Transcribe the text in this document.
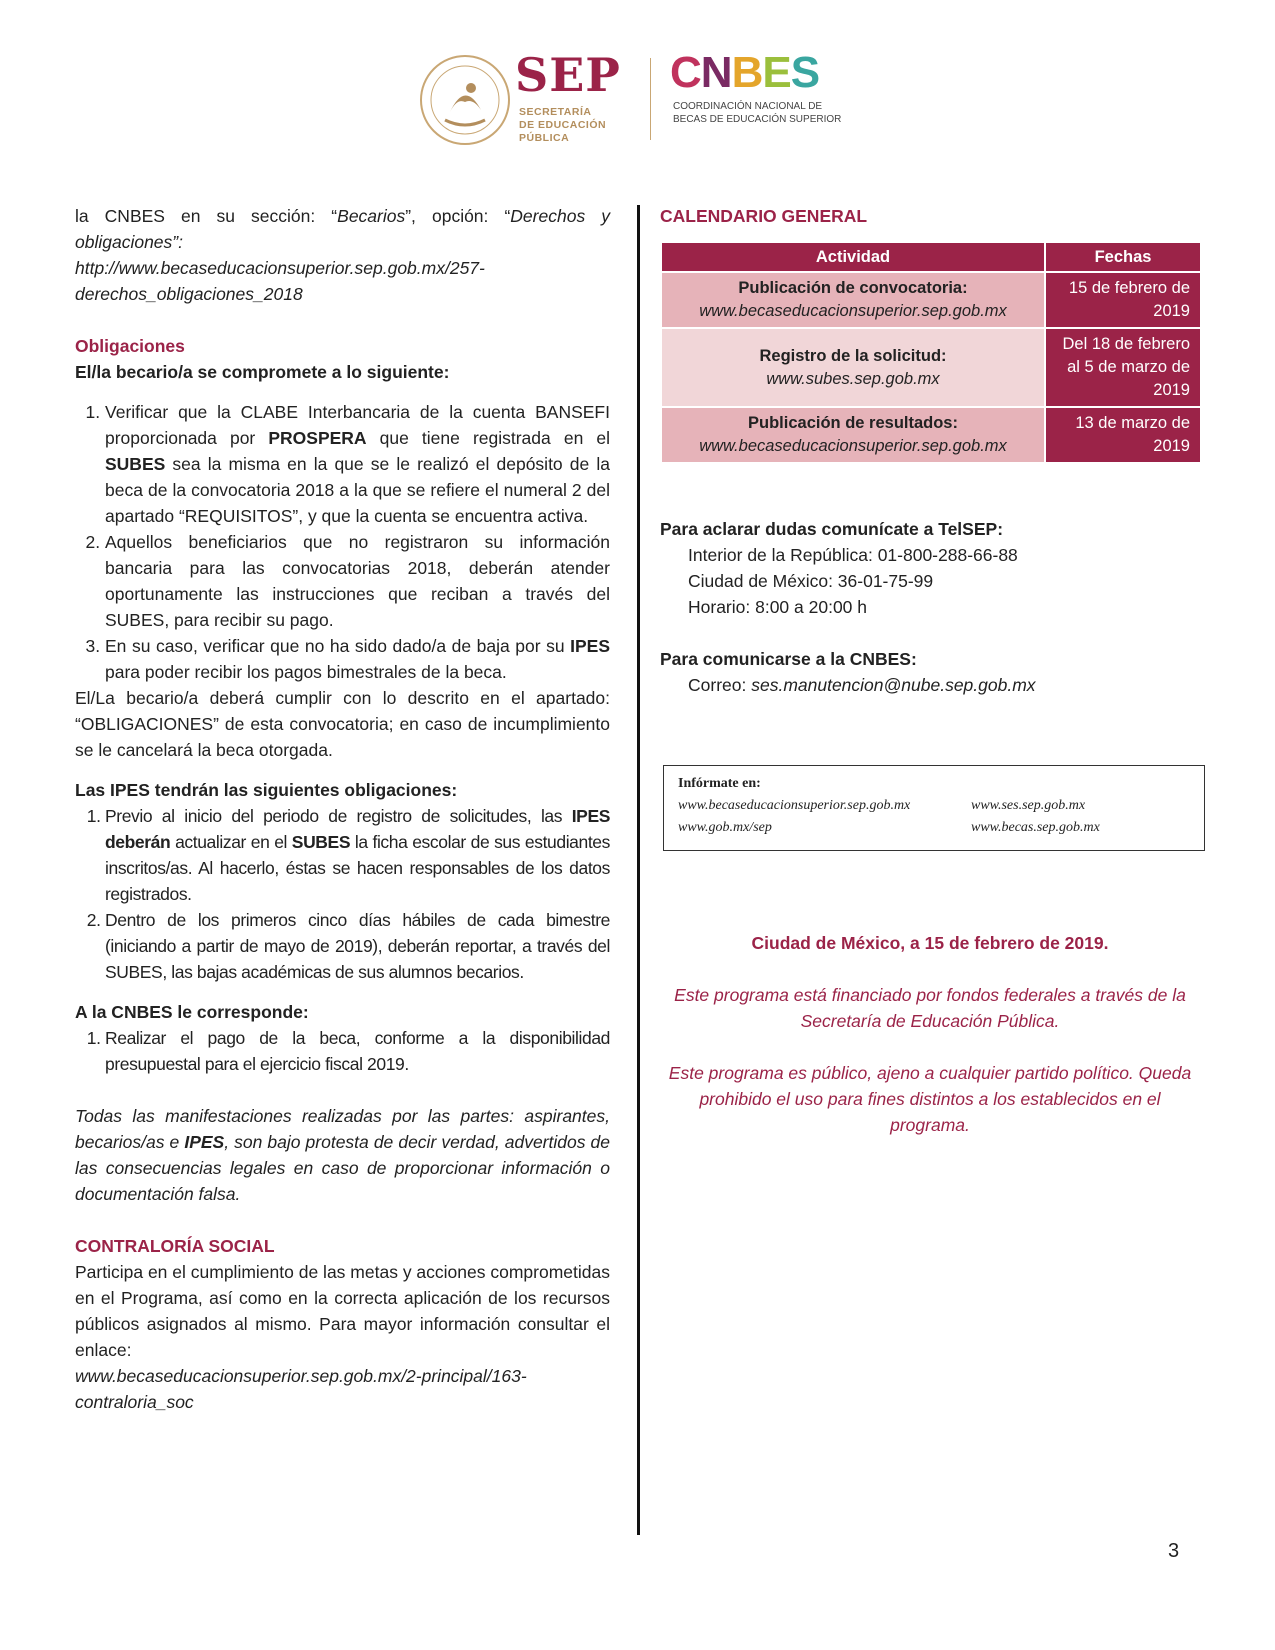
SEP
SECRETARÍA
DE EDUCACIÓN
PÚBLICA
CNBES
COORDINACIÓN NACIONAL DE
BECAS DE EDUCACIÓN SUPERIOR
la CNBES en su sección: “Becarios”, opción: “Derechos y obligaciones”:
http://www.becaseducacionsuperior.sep.gob.mx/257-derechos_obligaciones_2018
Obligaciones
El/la becario/a se compromete a lo siguiente:
1. Verificar que la CLABE Interbancaria de la cuenta BANSEFI proporcionada por PROSPERA que tiene registrada en el SUBES sea la misma en la que se le realizó el depósito de la beca de la convocatoria 2018 a la que se refiere el numeral 2 del apartado “REQUISITOS”, y que la cuenta se encuentra activa.
2. Aquellos beneficiarios que no registraron su información bancaria para las convocatorias 2018, deberán atender oportunamente las instrucciones que reciban a través del SUBES, para recibir su pago.
3. En su caso, verificar que no ha sido dado/a de baja por su IPES para poder recibir los pagos bimestrales de la beca.
El/La becario/a deberá cumplir con lo descrito en el apartado: “OBLIGACIONES” de esta convocatoria; en caso de incumplimiento se le cancelará la beca otorgada.
Las IPES tendrán las siguientes obligaciones:
1. Previo al inicio del periodo de registro de solicitudes, las IPES deberán actualizar en el SUBES la ficha escolar de sus estudiantes inscritos/as. Al hacerlo, éstas se hacen responsables de los datos registrados.
2. Dentro de los primeros cinco días hábiles de cada bimestre (iniciando a partir de mayo de 2019), deberán reportar, a través del SUBES, las bajas académicas de sus alumnos becarios.
A la CNBES le corresponde:
1. Realizar el pago de la beca, conforme a la disponibilidad presupuestal para el ejercicio fiscal 2019.
Todas las manifestaciones realizadas por las partes: aspirantes, becarios/as e IPES, son bajo protesta de decir verdad, advertidos de las consecuencias legales en caso de proporcionar información o documentación falsa.
CONTRALORÍA SOCIAL
Participa en el cumplimiento de las metas y acciones comprometidas en el Programa, así como en la correcta aplicación de los recursos públicos asignados al mismo. Para mayor información consultar el enlace:
www.becaseducacionsuperior.sep.gob.mx/2-principal/163-contraloria_soc
CALENDARIO GENERAL
Actividad	Fechas

Publicación de convocatoria:
www.becaseducacionsuperior.sep.gob.mx	15 de febrero de 2019

Registro de la solicitud:
www.subes.sep.gob.mx	Del 18 de febrero al 5 de marzo de 2019

Publicación de resultados:
www.becaseducacionsuperior.sep.gob.mx	13 de marzo de 2019
Para aclarar dudas comunícate a TelSEP:
Interior de la República: 01-800-288-66-88
Ciudad de México: 36-01-75-99
Horario: 8:00 a 20:00 h
Para comunicarse a la CNBES:
Correo: ses.manutencion@nube.sep.gob.mx
Infórmate en:
www.becaseducacionsuperior.sep.gob.mx
www.gob.mx/sep
www.ses.sep.gob.mx
www.becas.sep.gob.mx
Ciudad de México, a 15 de febrero de 2019.
Este programa está financiado por fondos federales a través de la Secretaría de Educación Pública.
Este programa es público, ajeno a cualquier partido político. Queda prohibido el uso para fines distintos a los establecidos en el programa.
3
